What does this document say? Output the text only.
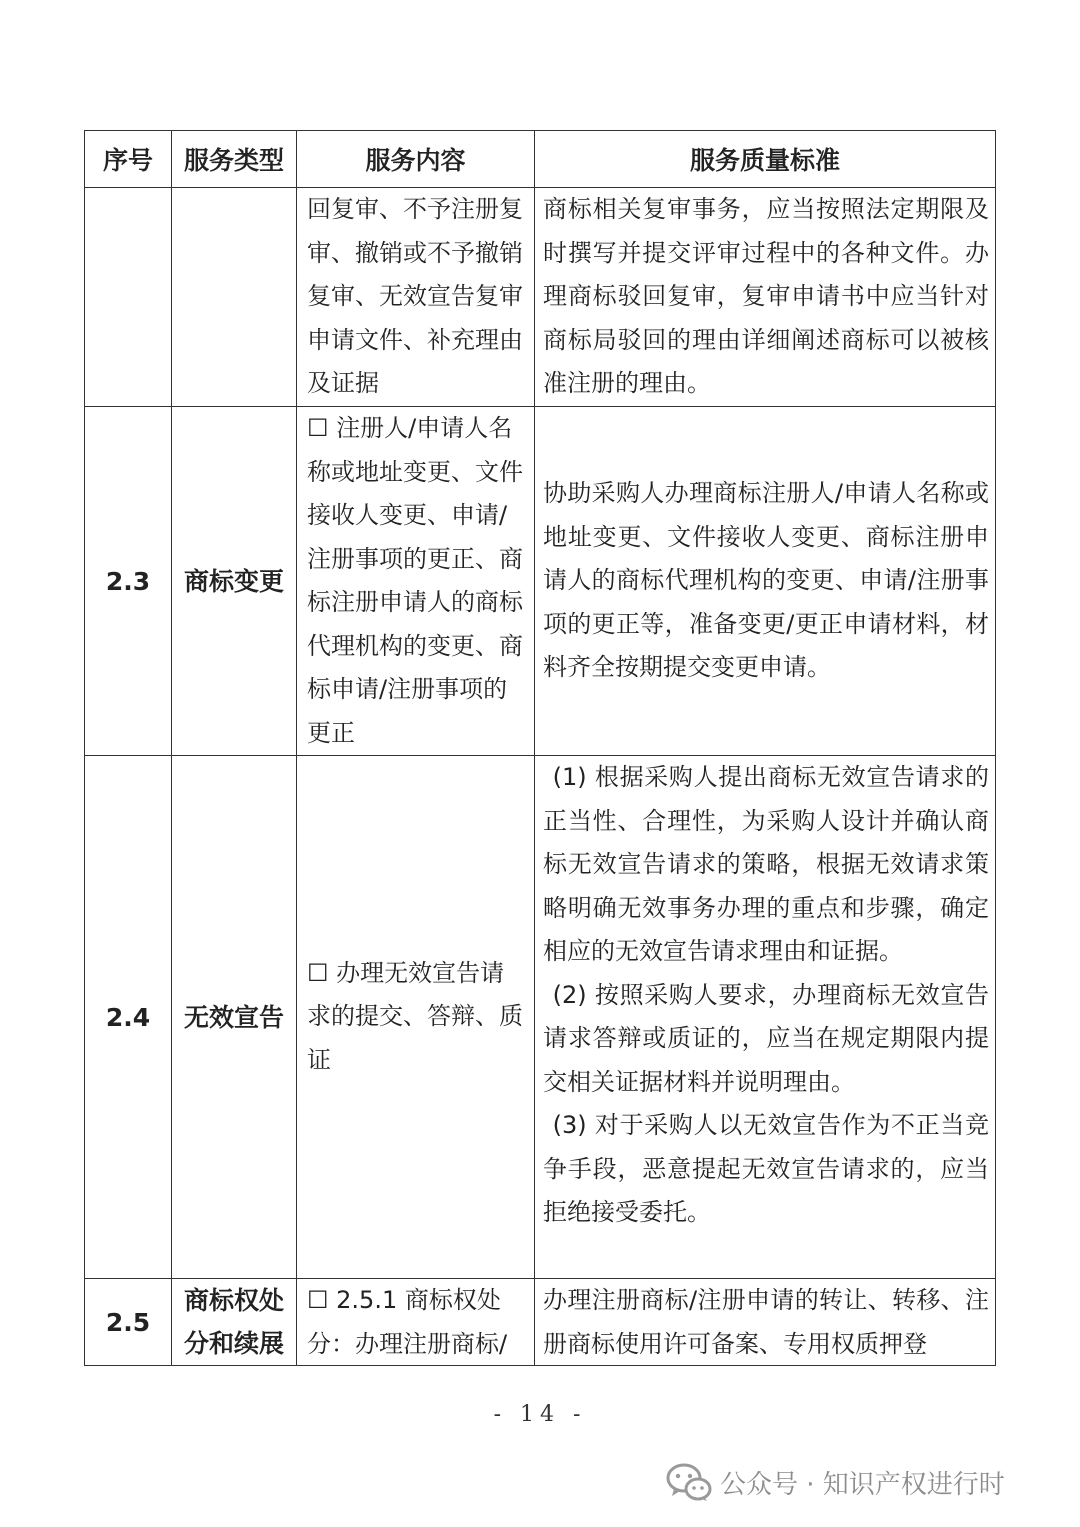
序号	服务类型	服务内容	服务质量标准
		回复审、不予注册复审、撤销或不予撤销复审、无效宣告复审申请文件、补充理由及证据	商标相关复审事务，应当按照法定期限及时撰写并提交评审过程中的各种文件。办理商标驳回复审，复审申请书中应当针对商标局驳回的理由详细阐述商标可以被核准注册的理由。
2.3	商标变更	☐ 注册人/申请人名称或地址变更、文件接收人变更、申请/注册事项的更正、商标注册申请人的商标代理机构的变更、商标申请/注册事项的更正	协助采购人办理商标注册人/申请人名称或地址变更、文件接收人变更、商标注册申请人的商标代理机构的变更、申请/注册事项的更正等，准备变更/更正申请材料，材料齐全按期提交变更申请。
2.4	无效宣告	☐ 办理无效宣告请求的提交、答辩、质证	(1) 根据采购人提出商标无效宣告请求的正当性、合理性，为采购人设计并确认商标无效宣告请求的策略，根据无效请求策略明确无效事务办理的重点和步骤，确定相应的无效宣告请求理由和证据。
(2) 按照采购人要求，办理商标无效宣告请求答辩或质证的，应当在规定期限内提交相关证据材料并说明理由。
(3) 对于采购人以无效宣告作为不正当竞争手段，恶意提起无效宣告请求的，应当拒绝接受委托。

2.5	商标权处分和续展	☐ 2.5.1 商标权处分：办理注册商标/	办理注册商标/注册申请的转让、转移、注册商标使用许可备案、专用权质押登
- 14 -
公众号 · 知识产权进行时
